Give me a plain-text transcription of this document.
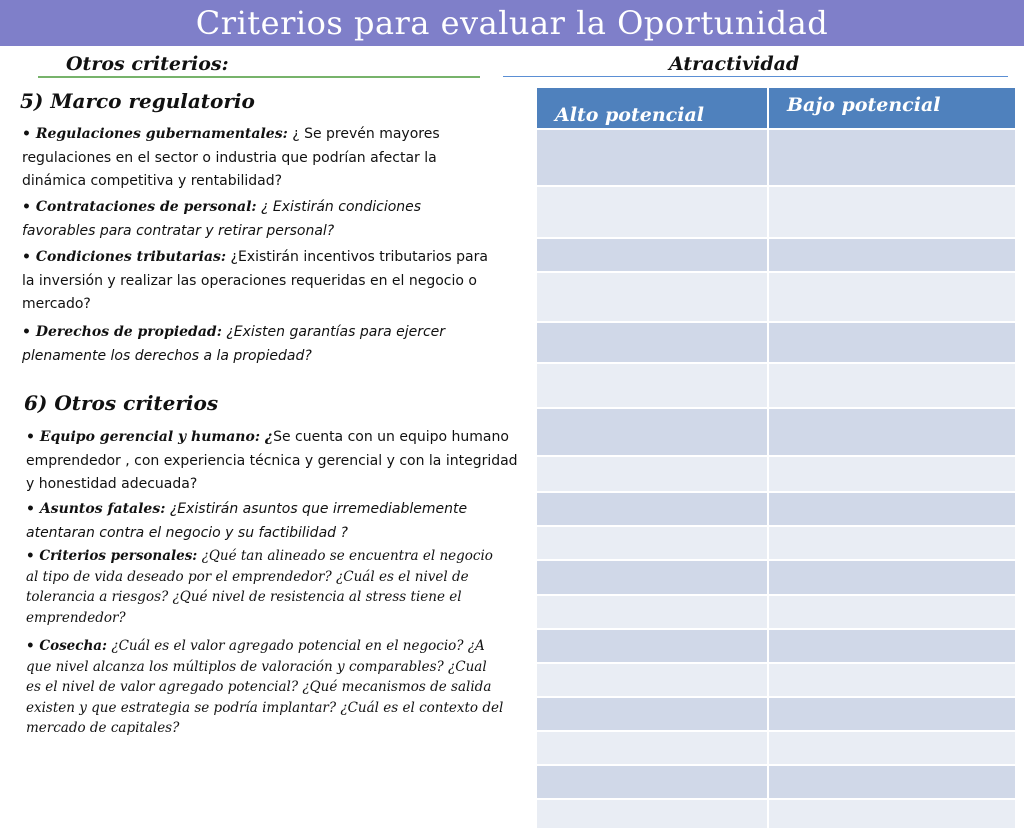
Criterios para evaluar la Oportunidad
Otros criterios:	Atractividad
5) Marco regulatorio
• Regulaciones gubernamentales: ¿ Se prevén mayores regulaciones en el sector o industria que podrían afectar la dinámica competitiva y rentabilidad?
• Contrataciones de personal: ¿ Existirán condiciones favorables para contratar y retirar personal?
• Condiciones tributarias: ¿Existirán incentivos tributarios para la inversión y realizar las operaciones requeridas en el negocio o mercado?
• Derechos de propiedad: ¿Existen garantías para ejercer plenamente los derechos a la propiedad?
6) Otros criterios
• Equipo gerencial y humano: ¿Se cuenta con un equipo humano emprendedor , con experiencia técnica y gerencial y con la integridad y honestidad adecuada?
• Asuntos fatales: ¿Existirán asuntos que irremediablemente atentaran contra el negocio y su factibilidad ?
• Criterios personales: ¿Qué tan alineado se encuentra el negocio al tipo de vida deseado por el emprendedor? ¿Cuál es el nivel de tolerancia a riesgos? ¿Qué nivel de resistencia al stress tiene el emprendedor?
• Cosecha: ¿Cuál es el valor agregado potencial en el negocio? ¿A que nivel alcanza los múltiplos de valoración y comparables? ¿Cual es el nivel de valor agregado potencial? ¿Qué mecanismos de salida existen y que estrategia se podría implantar? ¿Cuál es el contexto del mercado de capitales?
Alto potencial	Bajo potencial
